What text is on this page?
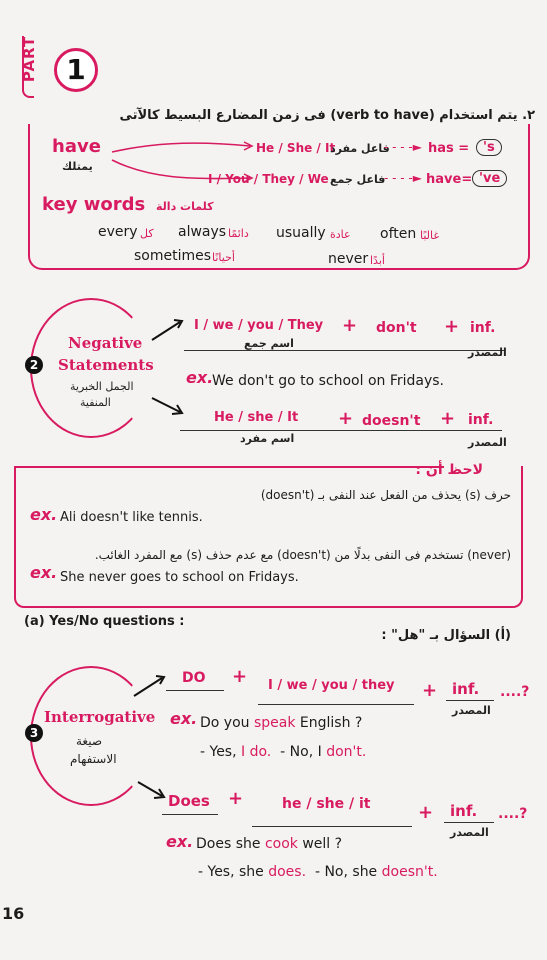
PART	1
٢. يتم استخدام (verb to have) فى زمن المضارع البسيط كالآتى
have
يمتلك
He / She / It
فاعل مفرد
- - - -► has =	's
I / You / They / We فاعل جمع
- - - -► have= 've
key words كلمات دالة
every كل always دائمًا usually عادة often غالبًا
sometimes أحيانًا	never أبدًا
2
Negative
Statements
الجمل الخبرية
المنفية
I / we / you / They
اسم جمع
+ don't + inf.
المصدر
ex.
We don't go to school on Fridays.
He / she / It
اسم مفرد
+ doesn't + inf.
المصدر
لاحظ أن :
حرف (s) يحذف من الفعل عند النفى بـ (doesn't)
ex. Ali doesn't like tennis.
(never) تستخدم فى النفى بدلًا من (doesn't) مع عدم حذف (s) مع المفرد الغائب.
ex. She never goes to school on Fridays.
(a) Yes/No questions :
(أ) السؤال بـ "هل" :
3
Interrogative
صيغة
الاستفهام
DO + I / we / you / they + inf.
المصدر
....?
ex. Do you speak English ?
- Yes, I do. - No, I don't.
Does +	he / she / it	+ inf.
المصدر
....?
ex. Does she cook well ?
- Yes, she does. - No, she doesn't.
16
